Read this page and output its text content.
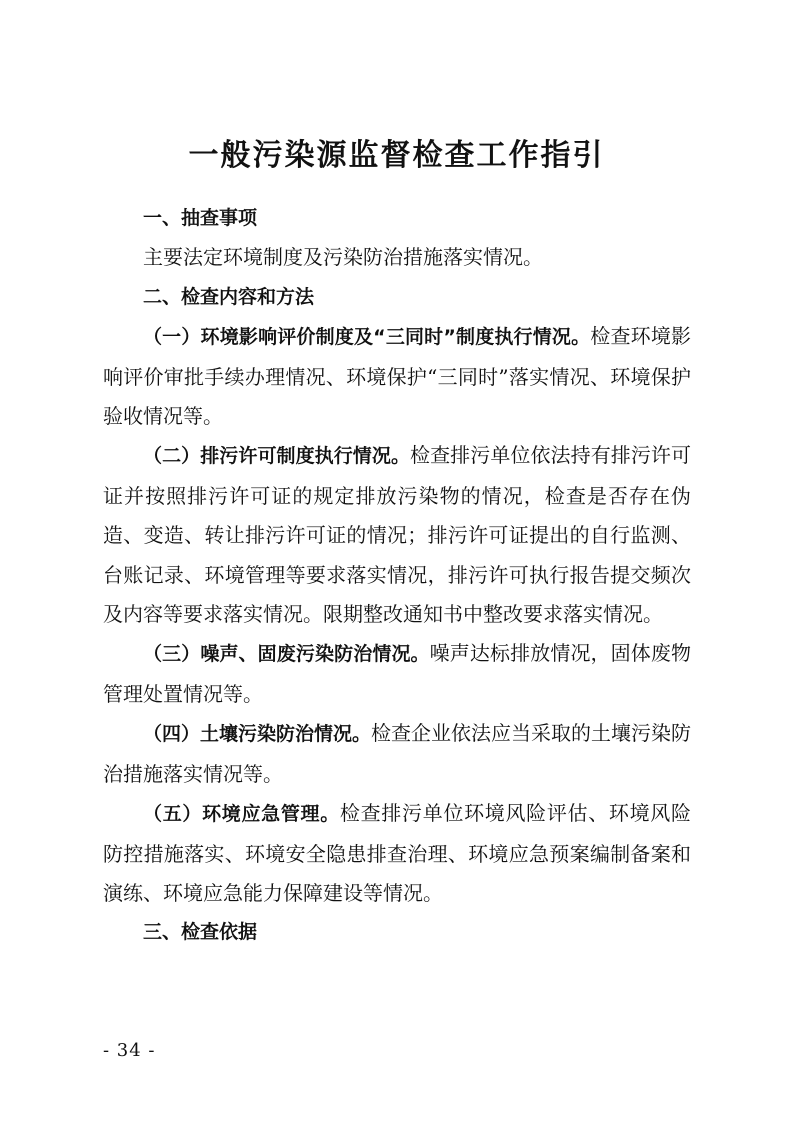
一般污染源监督检查工作指引

一、抽查事项

主要法定环境制度及污染防治措施落实情况。

二、检查内容和方法

（一）环境影响评价制度及“三同时”制度执行情况。检查环境影响评价审批手续办理情况、环境保护“三同时”落实情况、环境保护验收情况等。

（二）排污许可制度执行情况。检查排污单位依法持有排污许可证并按照排污许可证的规定排放污染物的情况，检查是否存在伪造、变造、转让排污许可证的情况；排污许可证提出的自行监测、台账记录、环境管理等要求落实情况，排污许可执行报告提交频次及内容等要求落实情况。限期整改通知书中整改要求落实情况。

（三）噪声、固废污染防治情况。噪声达标排放情况，固体废物管理处置情况等。

（四）土壤污染防治情况。检查企业依法应当采取的土壤污染防治措施落实情况等。

（五）环境应急管理。检查排污单位环境风险评估、环境风险防控措施落实、环境安全隐患排查治理、环境应急预案编制备案和演练、环境应急能力保障建设等情况。

三、检查依据

- 34 -
